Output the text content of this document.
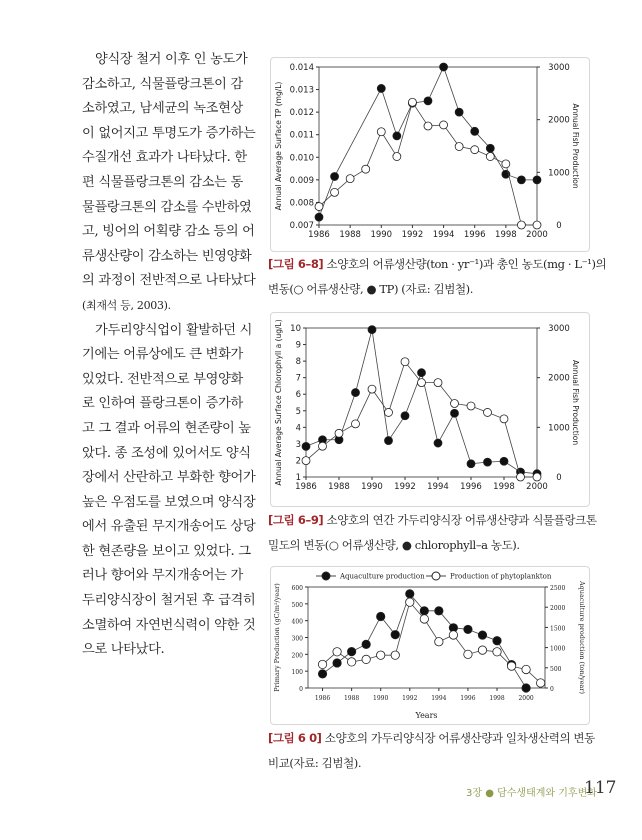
양식장 철거 이후 인 농도가
감소하고, 식물플랑크톤이 감
소하였고, 남세균의 녹조현상
이 없어지고 투명도가 증가하는
수질개선 효과가 나타났다. 한
편 식물플랑크톤의 감소는 동
물플랑크톤의 감소를 수반하였
고, 빙어의 어획량 감소 등의 어
류생산량이 감소하는 빈영양화
의 과정이 전반적으로 나타났다
(최재석 등, 2003).
가두리양식업이 활발하던 시
기에는 어류상에도 큰 변화가
있었다. 전반적으로 부영양화
로 인하여 플랑크톤이 증가하
고 그 결과 어류의 현존량이 높
았다. 종 조성에 있어서도 양식
장에서 산란하고 부화한 향어가
높은 우점도를 보였으며 양식장
에서 유출된 무지개송어도 상당
한 현존량을 보이고 있었다. 그
러나 향어와 무지개송어는 가
두리양식장이 철거된 후 급격히
소멸하여 자연번식력이 약한 것
으로 나타났다.
1986 1988 1990 1992 1994 1996 1998 2000
0.007
0.008
0.009
0.010
0.011
0.012
0.013
0.014
0
1000
2000
3000
Annual Average Surface TP (mg/L)	Annual Fish Production
[그림 6–8] 소양호의 어류생산량(ton · yr⁻¹)과 총인 농도(mg · L⁻¹)의
변동(○ 어류생산량, ● TP) (자료: 김범철).
1986 1988 1990 1992 1994 1996 1998 2000
1
2
3
4
5
6
7
8
9
10
0
1000
2000
3000
Annual Average Surface Chlorophyll a (ug/L)	Annual Fish Production
[그림 6–9] 소양호의 연간 가두리양식장 어류생산량과 식물플랑크톤
밀도의 변동(○ 어류생산량, ● chlorophyll–a 농도).
1986 1988 1990 1992 1994 1996 1998 2000
0
100
200
300
400
500
600
0
500
1000
1500
2000
2500
Primary Production (gC/m²/year)	Aquaculture production (ton/year)
Years
Aquaculture production	Production of phytoplankton
[그림 6 0] 소양호의 가두리양식장 어류생산량과 일차생산력의 변동
비교(자료: 김범철).
3장 ● 담수생태계와 기후변화
117
